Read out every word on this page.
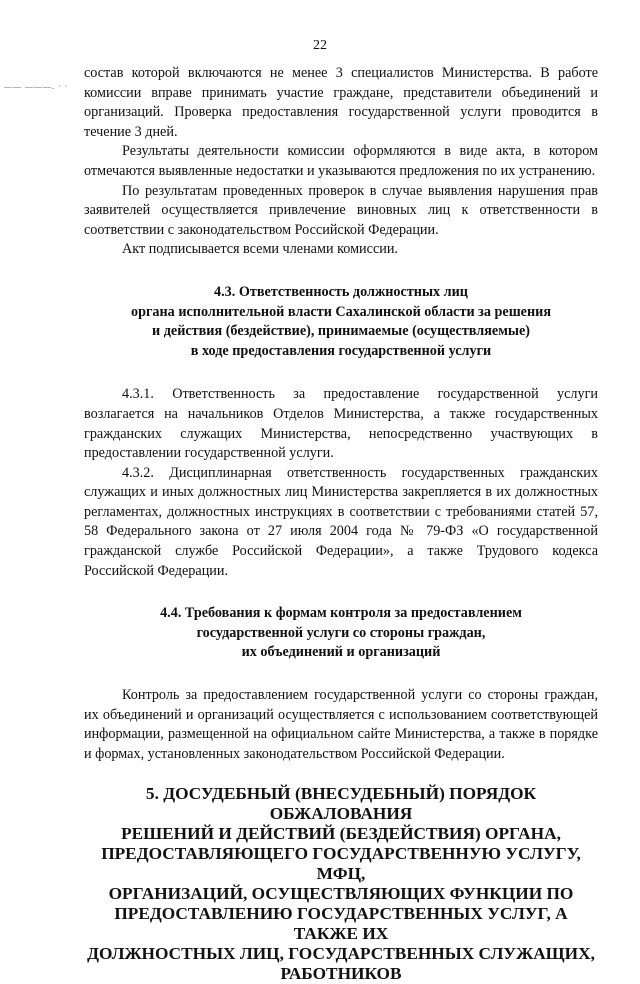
22
—— ———. · ·

состав которой включаются не менее 3 специалистов Министерства. В работе комиссии вправе принимать участие граждане, представители объединений и организаций. Проверка предоставления государственной услуги проводится в течение 3 дней.

Результаты деятельности комиссии оформляются в виде акта, в котором отмечаются выявленные недостатки и указываются предложения по их устранению.

По результатам проведенных проверок в случае выявления нарушения прав заявителей осуществляется привлечение виновных лиц к ответственности в соответствии с законодательством Российской Федерации.

Акт подписывается всеми членами комиссии.

4.3. Ответственность должностных лиц
органа исполнительной власти Сахалинской области за решения
и действия (бездействие), принимаемые (осуществляемые)
в ходе предоставления государственной услуги

4.3.1. Ответственность за предоставление государственной услуги возлагается на начальников Отделов Министерства, а также государственных гражданских служащих Министерства, непосредственно участвующих в предоставлении государственной услуги.

4.3.2. Дисциплинарная ответственность государственных гражданских служащих и иных должностных лиц Министерства закрепляется в их должностных регламентах, должностных инструкциях в соответствии с требованиями статей 57, 58 Федерального закона от 27 июля 2004 года № 79-ФЗ «О государственной гражданской службе Российской Федерации», а также Трудового кодекса Российской Федерации.

4.4. Требования к формам контроля за предоставлением
государственной услуги со стороны граждан,
их объединений и организаций

Контроль за предоставлением государственной услуги со стороны граждан, их объединений и организаций осуществляется с использованием соответствующей информации, размещенной на официальном сайте Министерства, а также в порядке и формах, установленных законодательством Российской Федерации.

5. ДОСУДЕБНЫЙ (ВНЕСУДЕБНЫЙ) ПОРЯДОК ОБЖАЛОВАНИЯ
РЕШЕНИЙ И ДЕЙСТВИЙ (БЕЗДЕЙСТВИЯ) ОРГАНА,
ПРЕДОСТАВЛЯЮЩЕГО ГОСУДАРСТВЕННУЮ УСЛУГУ, МФЦ,
ОРГАНИЗАЦИЙ, ОСУЩЕСТВЛЯЮЩИХ ФУНКЦИИ ПО
ПРЕДОСТАВЛЕНИЮ ГОСУДАРСТВЕННЫХ УСЛУГ, А ТАКЖЕ ИХ
ДОЛЖНОСТНЫХ ЛИЦ, ГОСУДАРСТВЕННЫХ СЛУЖАЩИХ,
РАБОТНИКОВ
